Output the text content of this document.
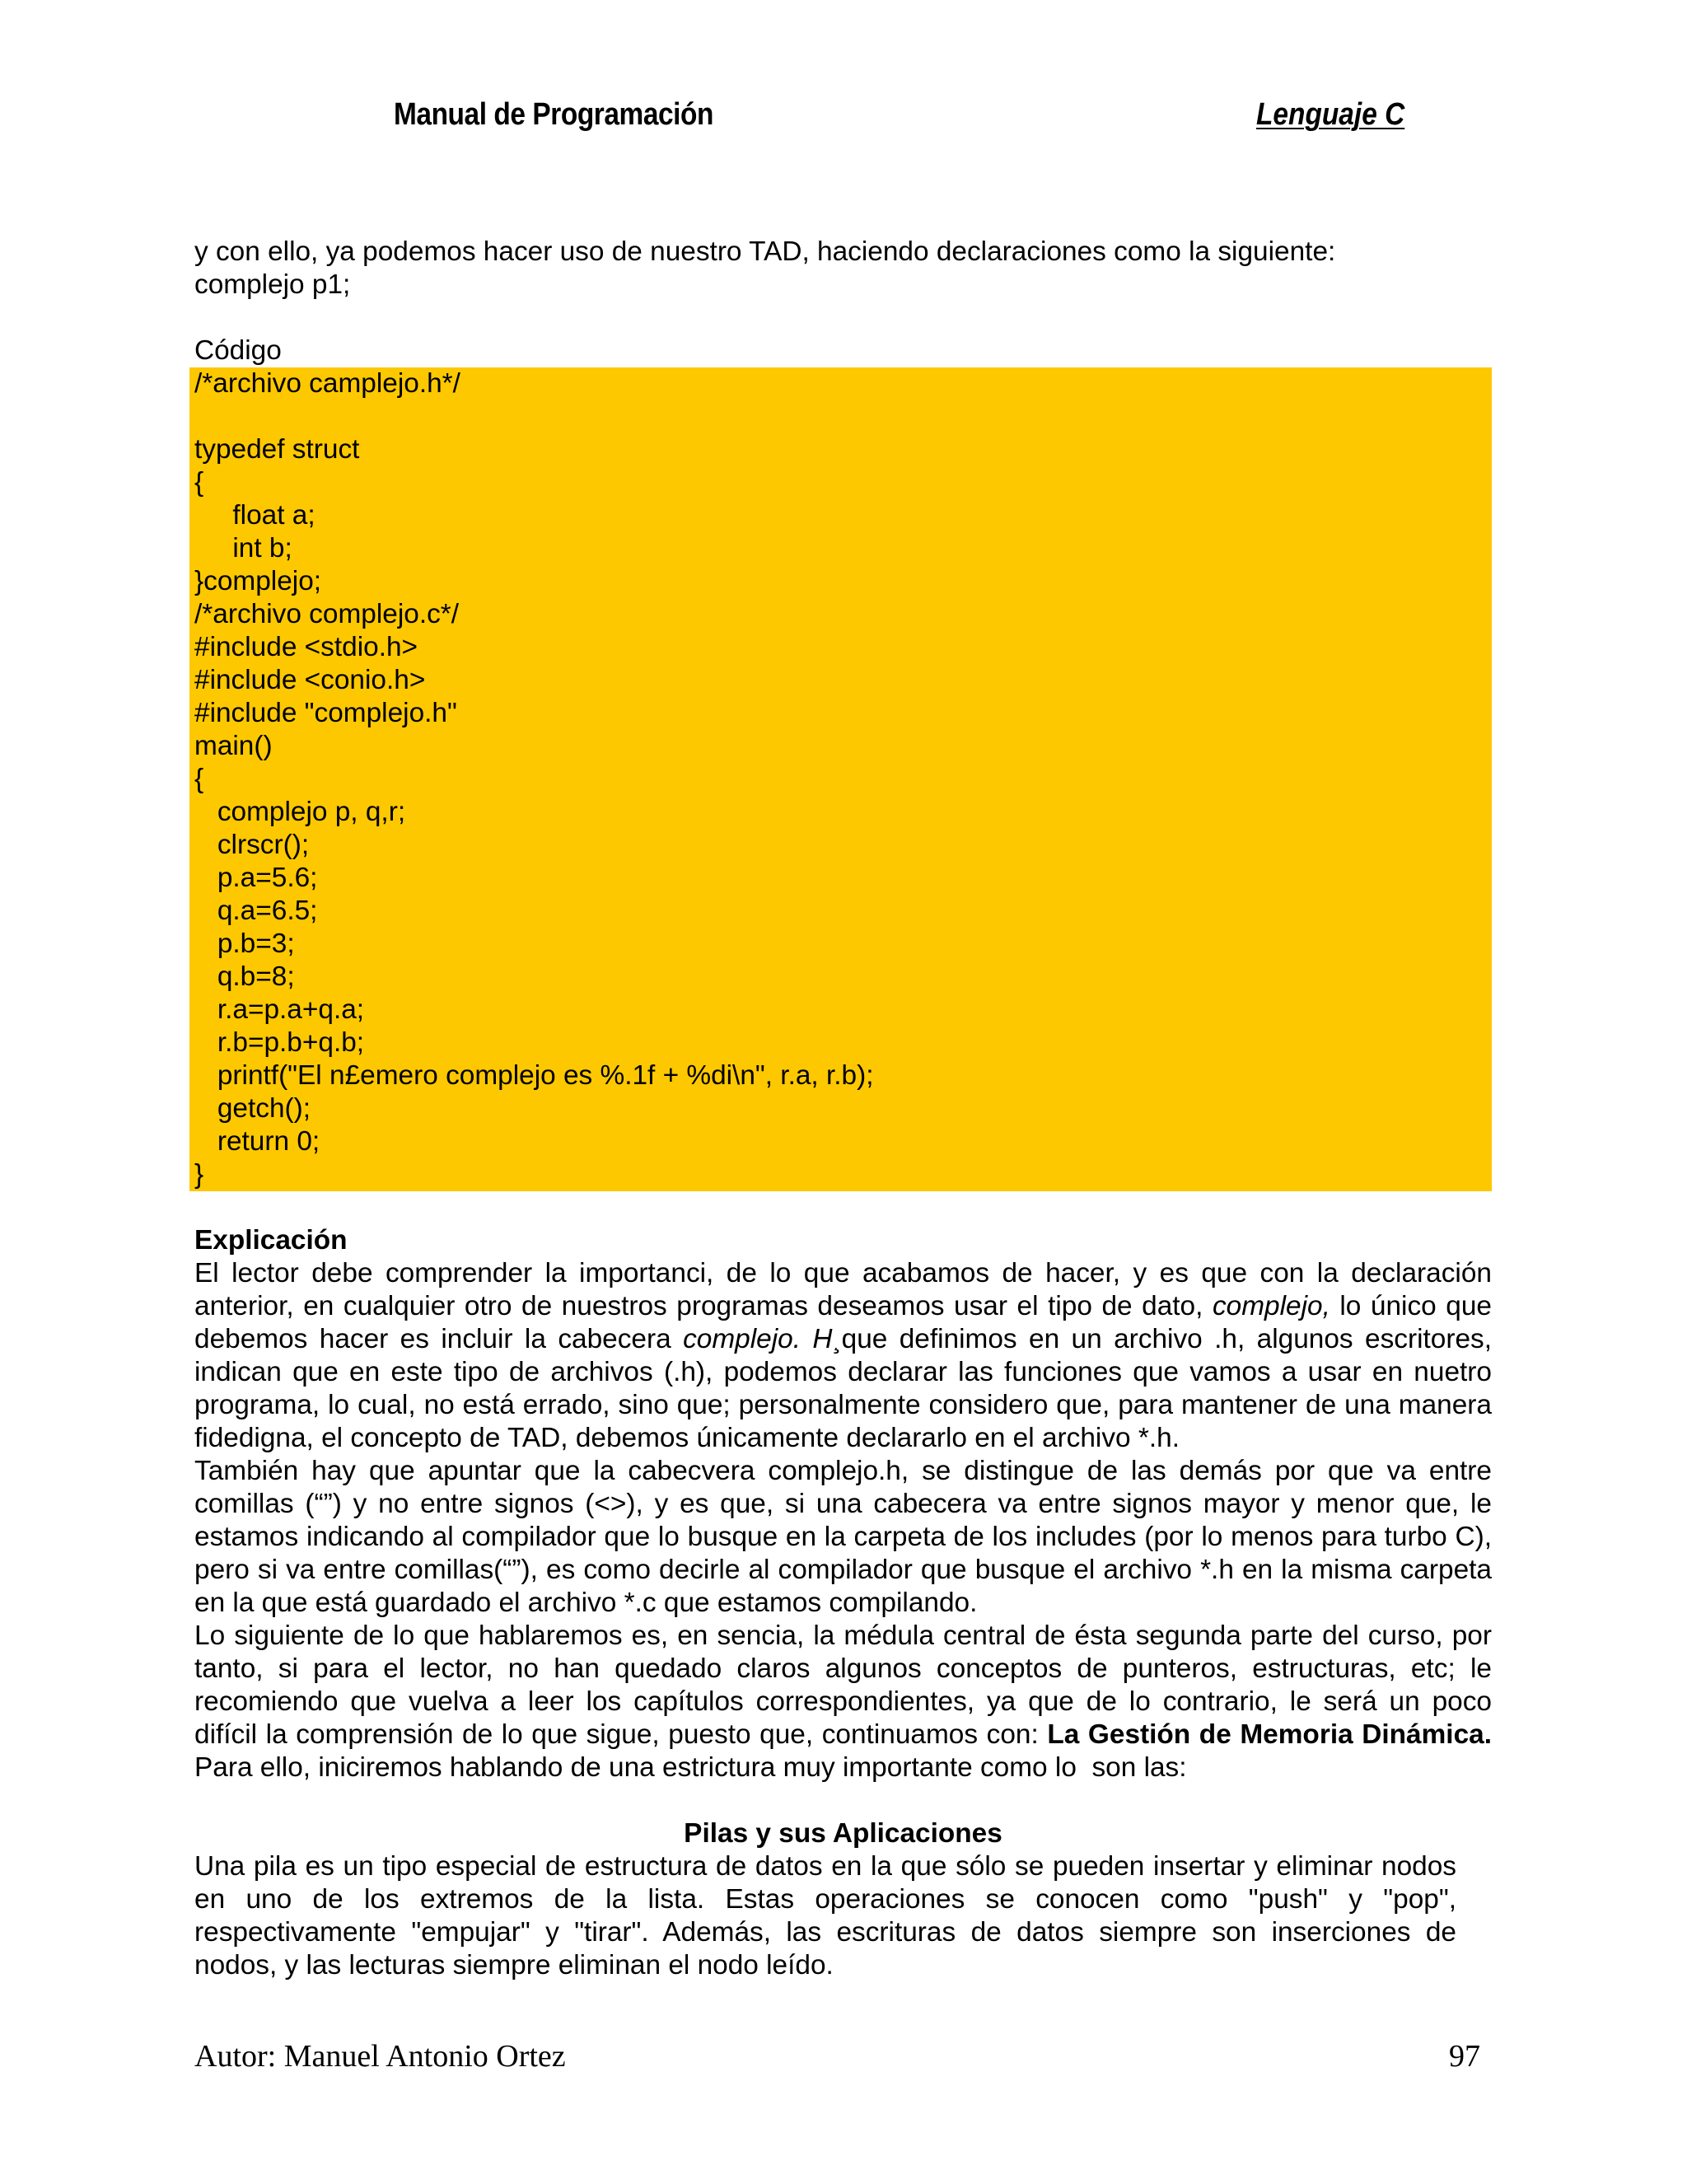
Manual de Programación	Lenguaje C
y con ello, ya podemos hacer uso de nuestro TAD, haciendo declaraciones como la siguiente:
complejo p1;
Código
/*archivo camplejo.h*/
typedef struct
{
float a;
int b;
}complejo;
/*archivo complejo.c*/
#include <stdio.h>
#include <conio.h>
#include "complejo.h"
main()
{
complejo p, q,r;
clrscr();
p.a=5.6;
q.a=6.5;
p.b=3;
q.b=8;
r.a=p.a+q.a;
r.b=p.b+q.b;
printf("El n£emero complejo es %.1f + %di\n", r.a, r.b);
getch();
return 0;
}
Explicación
El lector debe comprender la importanci, de lo que acabamos de hacer, y es que con la declaración
anterior, en cualquier otro de nuestros programas deseamos usar el tipo de dato, complejo, lo único que
debemos hacer es incluir la cabecera complejo. H¸que definimos en un archivo .h, algunos escritores,
indican que en este tipo de archivos (.h), podemos declarar las funciones que vamos a usar en nuetro
programa, lo cual, no está errado, sino que; personalmente considero que, para mantener de una manera
fidedigna, el concepto de TAD, debemos únicamente declararlo en el archivo *.h.
También hay que apuntar que la cabecvera complejo.h, se distingue de las demás por que va entre
comillas (“”) y no entre signos (<>), y es que, si una cabecera va entre signos mayor y menor que, le
estamos indicando al compilador que lo busque en la carpeta de los includes (por lo menos para turbo C),
pero si va entre comillas(“”), es como decirle al compilador que busque el archivo *.h en la misma carpeta
en la que está guardado el archivo *.c que estamos compilando.
Lo siguiente de lo que hablaremos es, en sencia, la médula central de ésta segunda parte del curso, por
tanto, si para el lector, no han quedado claros algunos conceptos de punteros, estructuras, etc; le
recomiendo que vuelva a leer los capítulos correspondientes, ya que de lo contrario, le será un poco
difícil la comprensión de lo que sigue, puesto que, continuamos con: La Gestión de Memoria Dinámica.
Para ello, iniciremos hablando de una estrictura muy importante como lo  son las:
Pilas y sus Aplicaciones
Una pila es un tipo especial de estructura de datos en la que sólo se pueden insertar y eliminar nodos
en uno de los extremos de la lista. Estas operaciones se conocen como "push" y "pop",
respectivamente "empujar" y "tirar". Además, las escrituras de datos siempre son inserciones de
nodos, y las lecturas siempre eliminan el nodo leído.
Autor: Manuel Antonio Ortez	97
